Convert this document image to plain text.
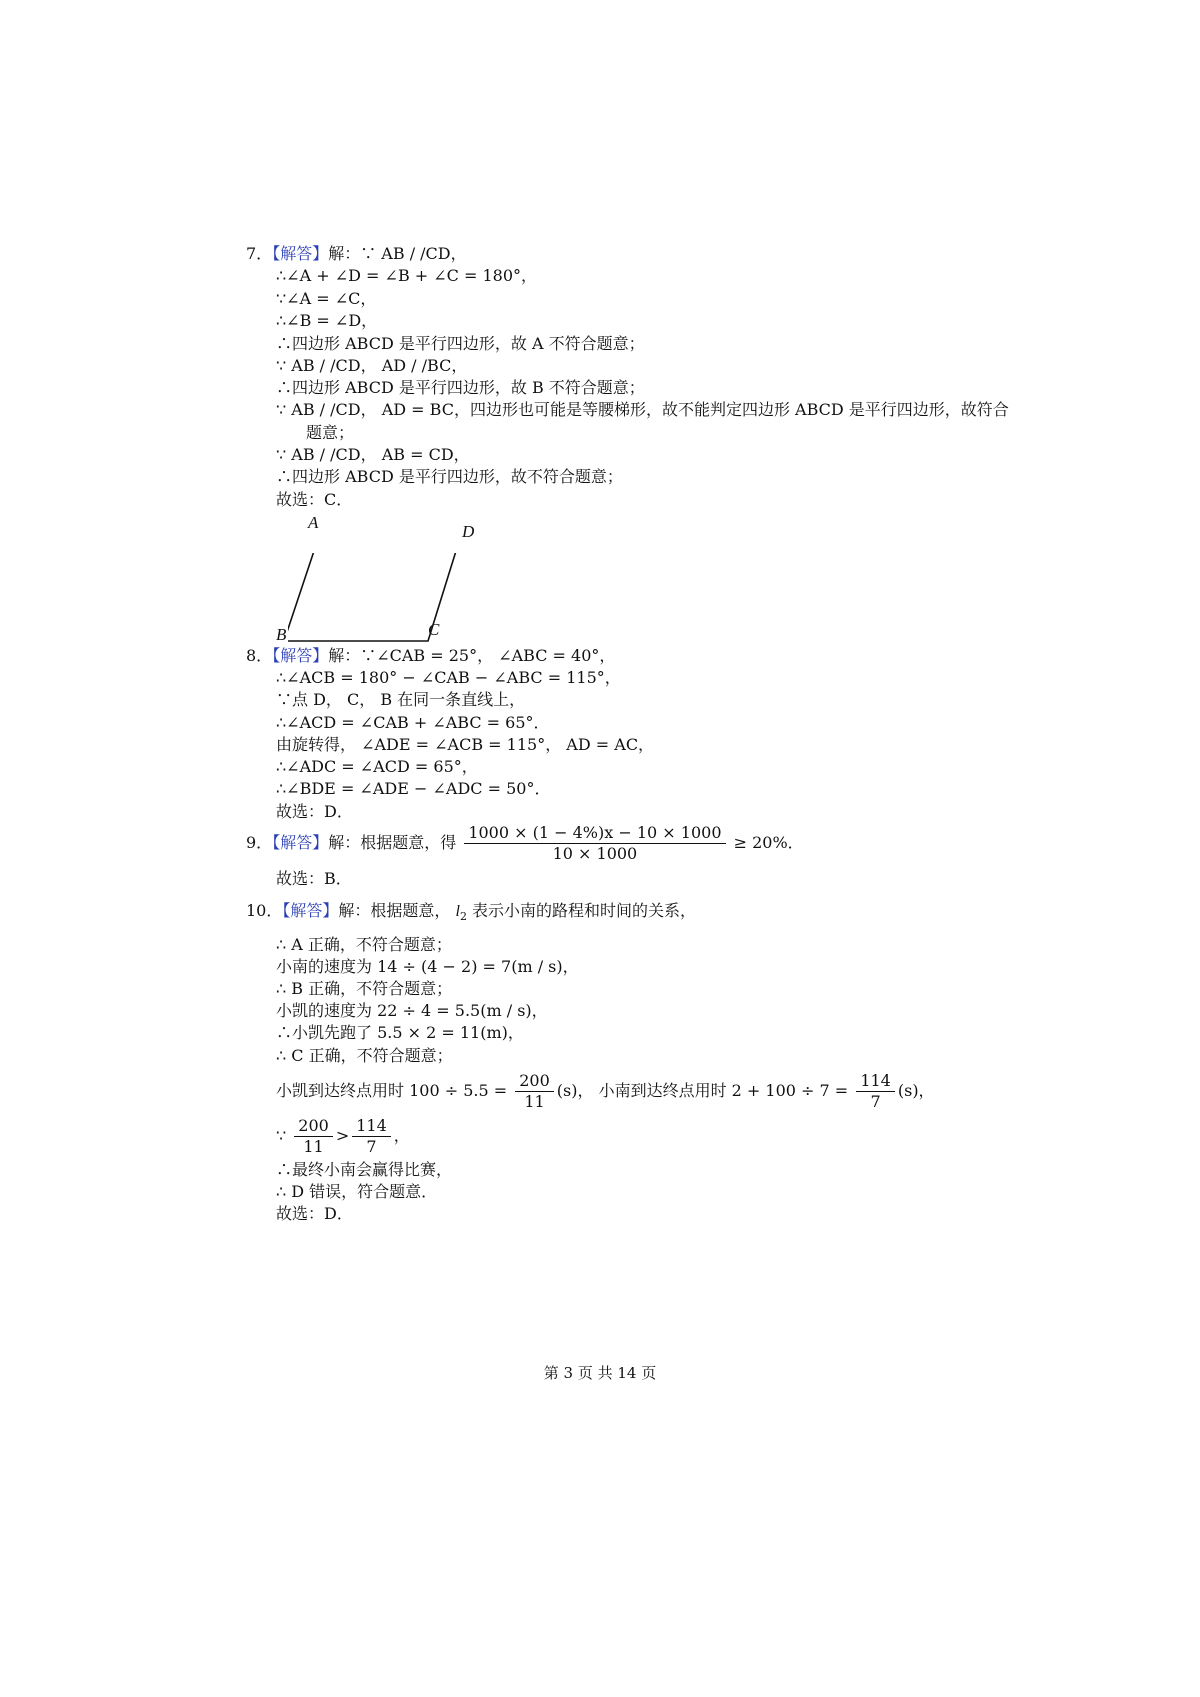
7．【解答】解：∵ AB / /CD，
∴∠A + ∠D = ∠B + ∠C = 180°，
∵∠A = ∠C，
∴∠B = ∠D，
∴四边形 ABCD 是平行四边形，故 A 不符合题意；
∵ AB / /CD， AD / /BC，
∴四边形 ABCD 是平行四边形，故 B 不符合题意；
∵ AB / /CD， AD = BC，四边形也可能是等腰梯形，故不能判定四边形 ABCD 是平行四边形，故符合
题意；
∵ AB / /CD， AB = CD，
∴四边形 ABCD 是平行四边形，故不符合题意；
故选：C．
A	D
B	C
8．【解答】解：∵∠CAB = 25°， ∠ABC = 40°，
∴∠ACB = 180° − ∠CAB − ∠ABC = 115°，
∵点 D， C， B 在同一条直线上，
∴∠ACD = ∠CAB + ∠ABC = 65°．
由旋转得， ∠ADE = ∠ACB = 115°， AD = AC，
∴∠ADC = ∠ACD = 65°，
∴∠BDE = ∠ADE − ∠ADC = 50°．
故选：D．
9．【解答】解：根据题意，得 $\frac{1000 \times (1 - 4\%)x - 10 \times 1000}{10 \times 1000} \ge 20\%$．
故选：B．
10．【解答】解：根据题意， $l_2$ 表示小南的路程和时间的关系，
∴ A 正确，不符合题意；
小南的速度为 14 ÷ (4 − 2) = 7(m / s)，
∴ B 正确，不符合题意；
小凯的速度为 22 ÷ 4 = 5.5(m / s)，
∴小凯先跑了 5.5 × 2 = 11(m)，
∴ C 正确，不符合题意；
小凯到达终点用时 $100 \div 5.5 = \frac{200}{11} (s)$， 小南到达终点用时 $2 + 100 \div 7 = \frac{114}{7} (s)$，
∵ $\frac{200}{11} > \frac{114}{7}$ ，
∴最终小南会赢得比赛，
∴ D 错误，符合题意．
故选：D．
第 3 页 共 14 页
